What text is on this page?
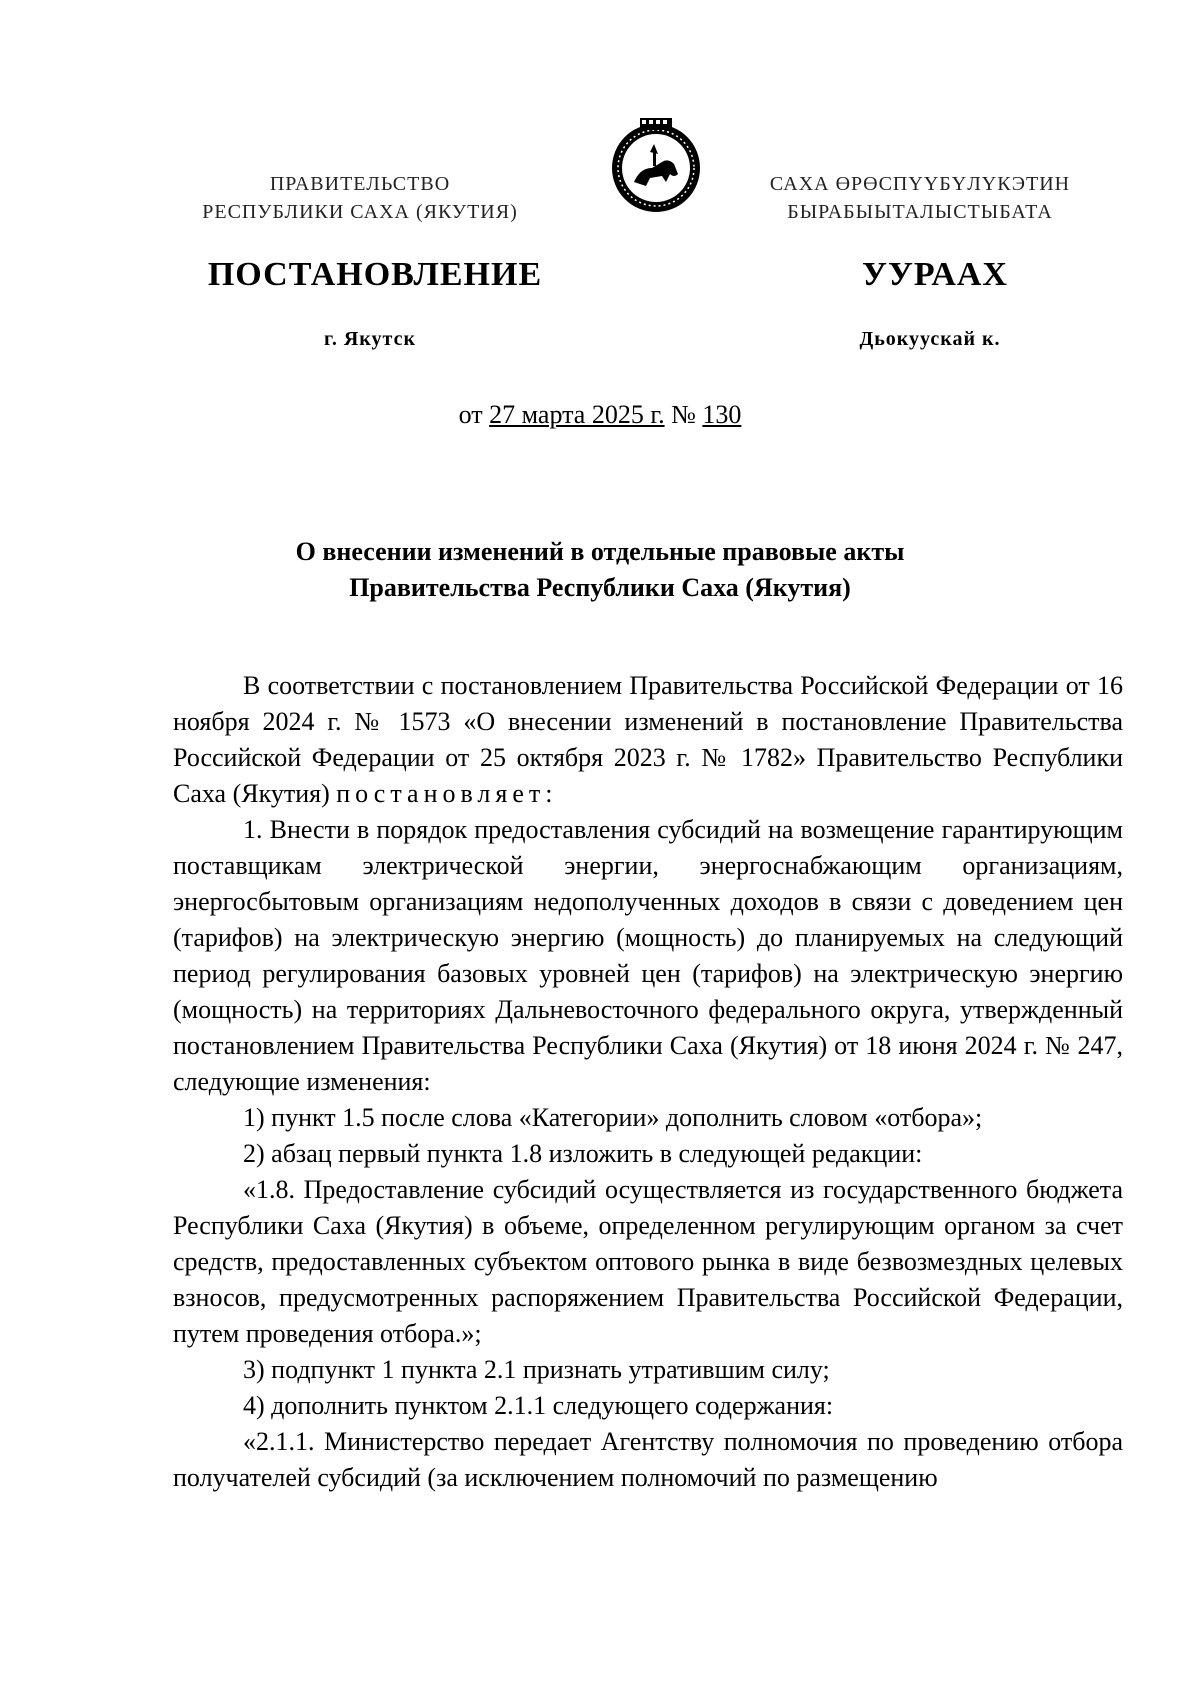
ПРАВИТЕЛЬСТВО
РЕСПУБЛИКИ САХА (ЯКУТИЯ)
САХА ӨРӨСПҮҮБҮЛҮКЭТИН
БЫРАБЫЫТАЛЫСТЫБАТА
ПОСТАНОВЛЕНИЕ	УУРААХ
г. Якутск	Дьокуускай к.
от 27 марта 2025 г. № 130
О внесении изменений в отдельные правовые акты
Правительства Республики Саха (Якутия)

В соответствии с постановлением Правительства Российской Федерации от 16 ноября 2024 г. № 1573 «О внесении изменений в постановление Правительства Российской Федерации от 25 октября 2023 г. № 1782» Правительство Республики Саха (Якутия) постановляет:

1. Внести в порядок предоставления субсидий на возмещение гарантирующим поставщикам электрической энергии, энергоснабжающим организациям, энергосбытовым организациям недополученных доходов в связи с доведением цен (тарифов) на электрическую энергию (мощность) до планируемых на следующий период регулирования базовых уровней цен (тарифов) на электрическую энергию (мощность) на территориях Дальневосточного федерального округа, утвержденный постановлением Правительства Республики Саха (Якутия) от 18 июня 2024 г. № 247, следующие изменения:

1) пункт 1.5 после слова «Категории» дополнить словом «отбора»;

2) абзац первый пункта 1.8 изложить в следующей редакции:

«1.8. Предоставление субсидий осуществляется из государственного бюджета Республики Саха (Якутия) в объеме, определенном регулирующим органом за счет средств, предоставленных субъектом оптового рынка в виде безвозмездных целевых взносов, предусмотренных распоряжением Правительства Российской Федерации, путем проведения отбора.»;

3) подпункт 1 пункта 2.1 признать утратившим силу;

4) дополнить пунктом 2.1.1 следующего содержания:

«2.1.1. Министерство передает Агентству полномочия по проведению отбора получателей субсидий (за исключением полномочий по размещению
